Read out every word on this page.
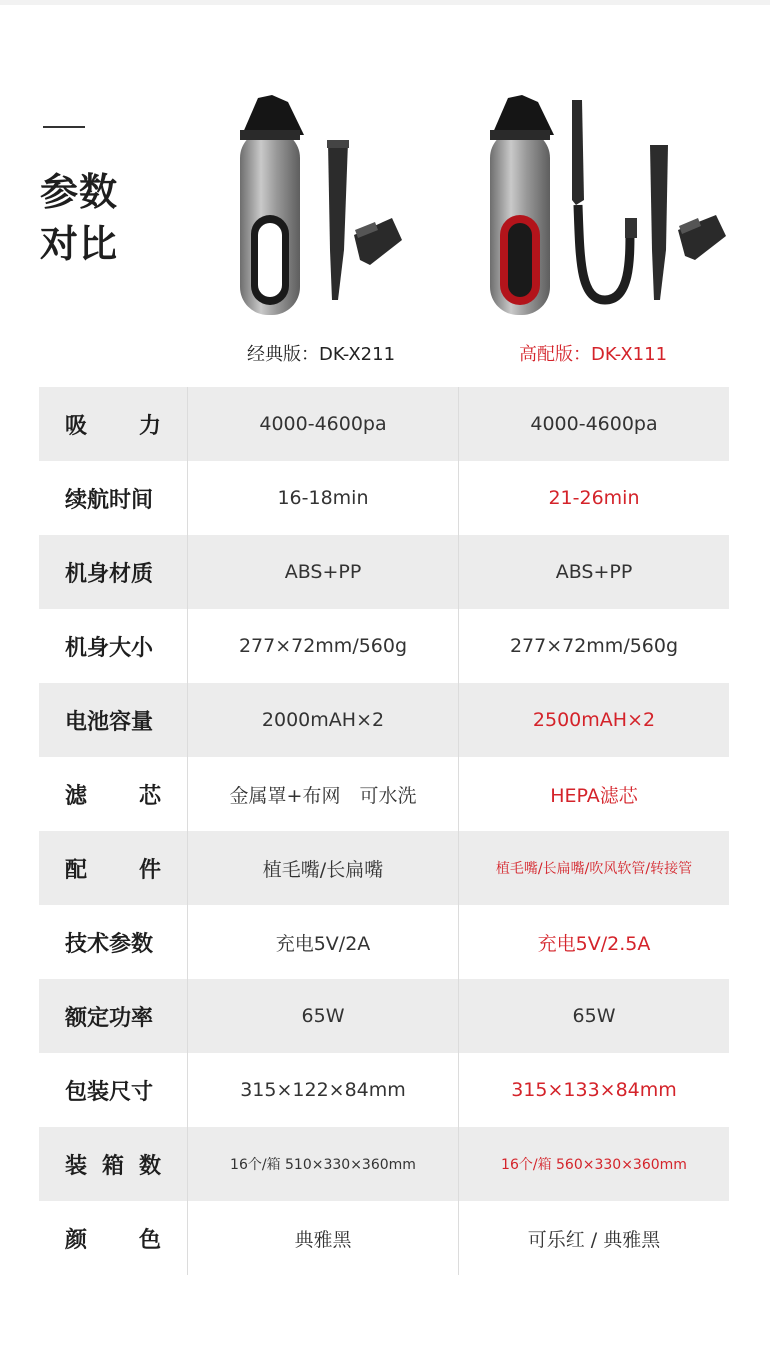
参数
对比
经典版：DK-X211	高配版：DK-X111
吸 力	4000-4600pa	4000-4600pa
续航时间	16-18min	21-26min
机身材质	ABS+PP	ABS+PP
机身大小	277×72mm/560g	277×72mm/560g
电池容量	2000mAH×2	2500mAH×2
滤 芯	金属罩+布网　可水洗	HEPA滤芯
配 件	植毛嘴/长扁嘴	植毛嘴/长扁嘴/吹风软管/转接管
技术参数	充电5V/2A	充电5V/2.5A
额定功率	65W	65W
包装尺寸	315×122×84mm	315×133×84mm
装 箱 数	16个/箱 510×330×360mm	16个/箱 560×330×360mm
颜 色	典雅黑	可乐红 / 典雅黑
